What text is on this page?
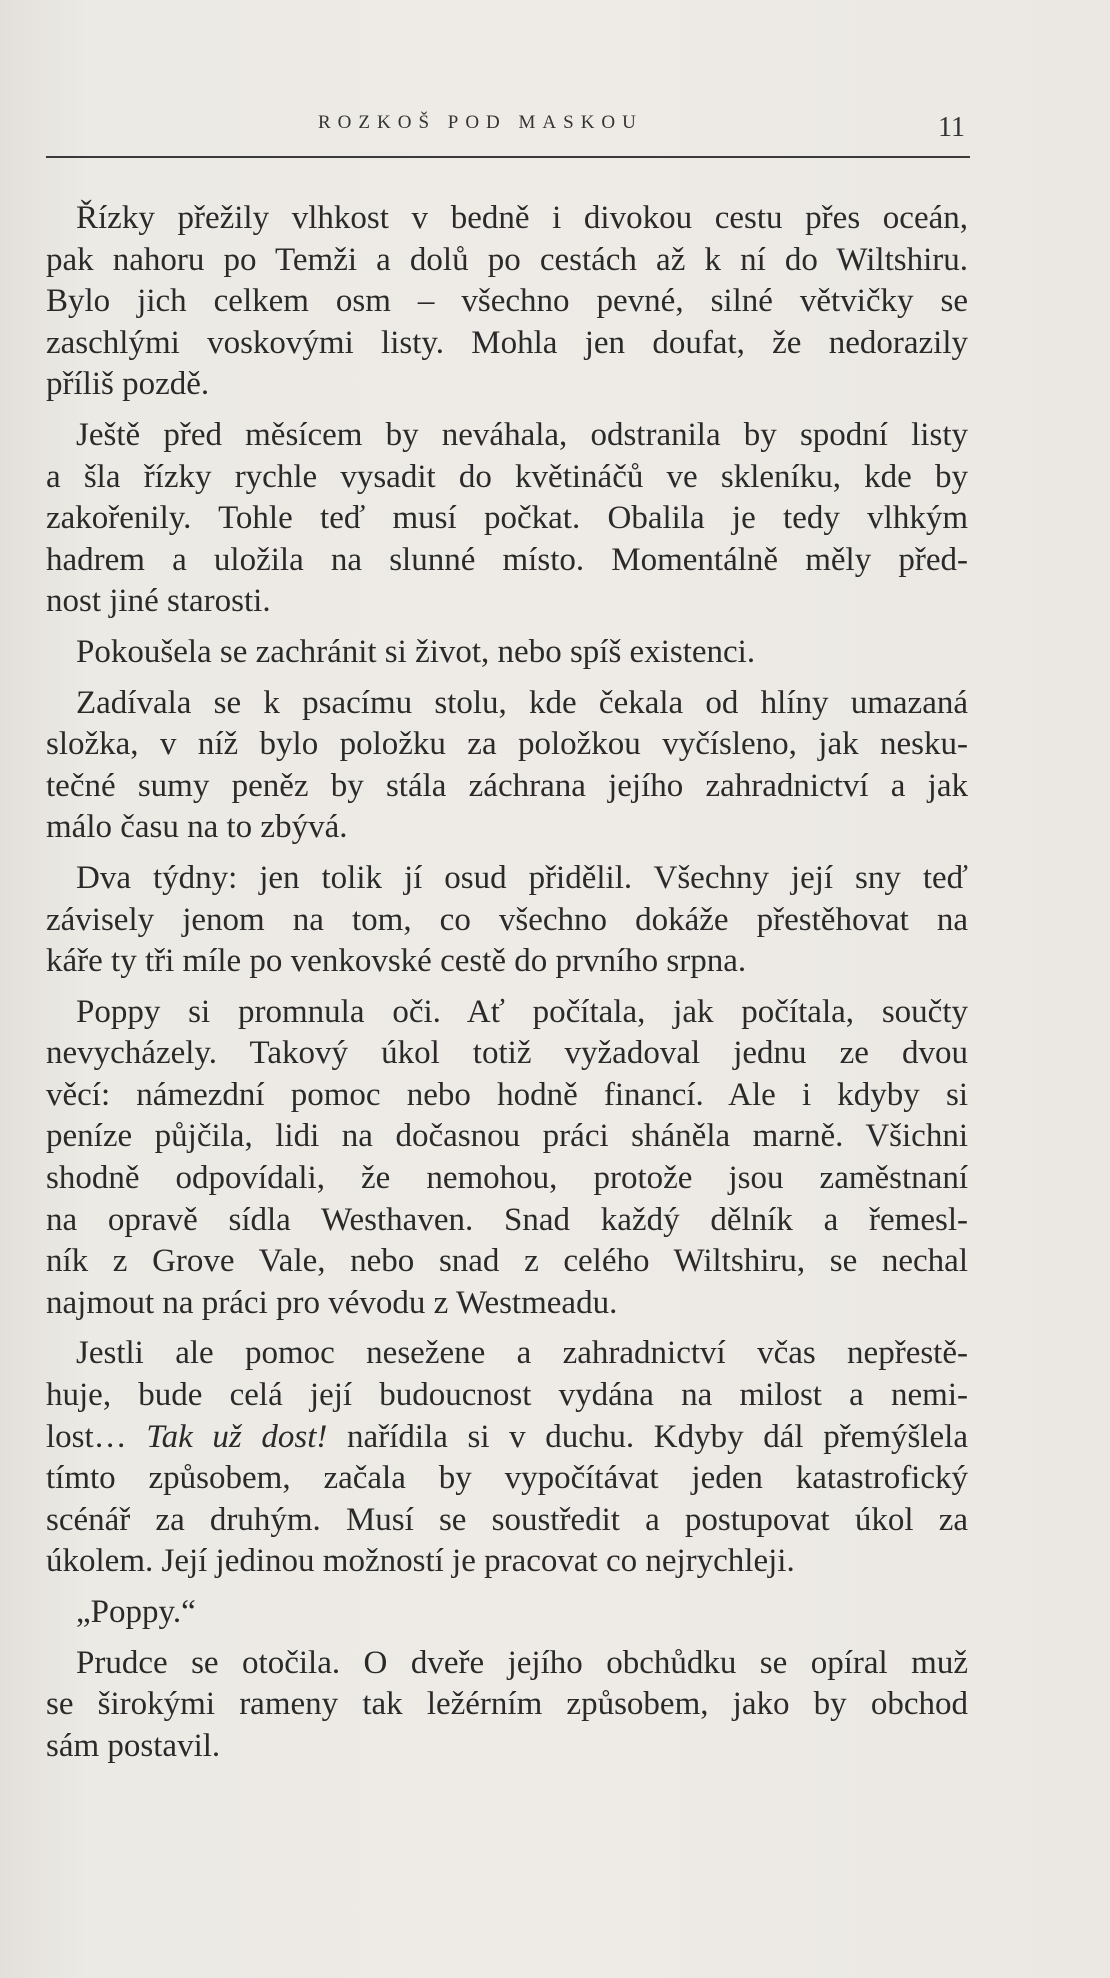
ROZKOŠ POD MASKOU	11
Řízky přežily vlhkost v bedně i divokou cestu přes oceán,
pak nahoru po Temži a dolů po cestách až k ní do Wiltshiru.
Bylo jich celkem osm – všechno pevné, silné větvičky se
zaschlými voskovými listy. Mohla jen doufat, že nedorazily
příliš pozdě.
Ještě před měsícem by neváhala, odstranila by spodní listy
a šla řízky rychle vysadit do květináčů ve skleníku, kde by
zakořenily. Tohle teď musí počkat. Obalila je tedy vlhkým
hadrem a uložila na slunné místo. Momentálně měly před-
nost jiné starosti.
Pokoušela se zachránit si život, nebo spíš existenci.
Zadívala se k psacímu stolu, kde čekala od hlíny umazaná
složka, v níž bylo položku za položkou vyčísleno, jak nesku-
tečné sumy peněz by stála záchrana jejího zahradnictví a jak
málo času na to zbývá.
Dva týdny: jen tolik jí osud přidělil. Všechny její sny teď
závisely jenom na tom, co všechno dokáže přestěhovat na
káře ty tři míle po venkovské cestě do prvního srpna.
Poppy si promnula oči. Ať počítala, jak počítala, součty
nevycházely. Takový úkol totiž vyžadoval jednu ze dvou
věcí: námezdní pomoc nebo hodně financí. Ale i kdyby si
peníze půjčila, lidi na dočasnou práci sháněla marně. Všichni
shodně odpovídali, že nemohou, protože jsou zaměstnaní
na opravě sídla Westhaven. Snad každý dělník a řemesl-
ník z Grove Vale, nebo snad z celého Wiltshiru, se nechal
najmout na práci pro vévodu z Westmeadu.
Jestli ale pomoc nesežene a zahradnictví včas nepřestě-
huje, bude celá její budoucnost vydána na milost a nemi-
lost… Tak už dost! nařídila si v duchu. Kdyby dál přemýšlela
tímto způsobem, začala by vypočítávat jeden katastrofický
scénář za druhým. Musí se soustředit a postupovat úkol za
úkolem. Její jedinou možností je pracovat co nejrychleji.
„Poppy.“
Prudce se otočila. O dveře jejího obchůdku se opíral muž
se širokými rameny tak ležérním způsobem, jako by obchod
sám postavil.
